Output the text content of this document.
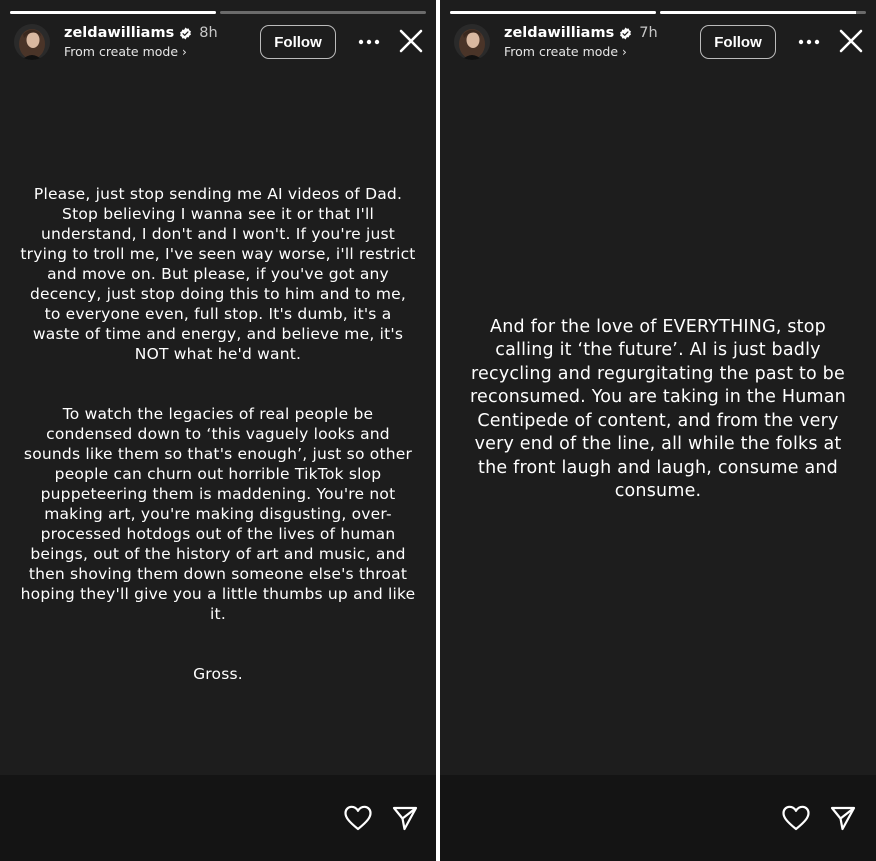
zeldawilliams 8h
From create mode ›
Follow

Please, just stop sending me AI videos of Dad. Stop believing I wanna see it or that I'll understand, I don't and I won't. If you're just trying to troll me, I've seen way worse, i'll restrict and move on. But please, if you've got any decency, just stop doing this to him and to me, to everyone even, full stop. It's dumb, it's a waste of time and energy, and believe me, it's NOT what he'd want.

To watch the legacies of real people be condensed down to ‘this vaguely looks and sounds like them so that's enough’, just so other people can churn out horrible TikTok slop puppeteering them is maddening. You're not making art, you're making disgusting, over-processed hotdogs out of the lives of human beings, out of the history of art and music, and then shoving them down someone else's throat hoping they'll give you a little thumbs up and like it.

Gross.

zeldawilliams 7h
From create mode ›
Follow

And for the love of EVERYTHING, stop calling it ‘the future’. AI is just badly recycling and regurgitating the past to be reconsumed. You are taking in the Human Centipede of content, and from the very very end of the line, all while the folks at the front laugh and laugh, consume and consume.
